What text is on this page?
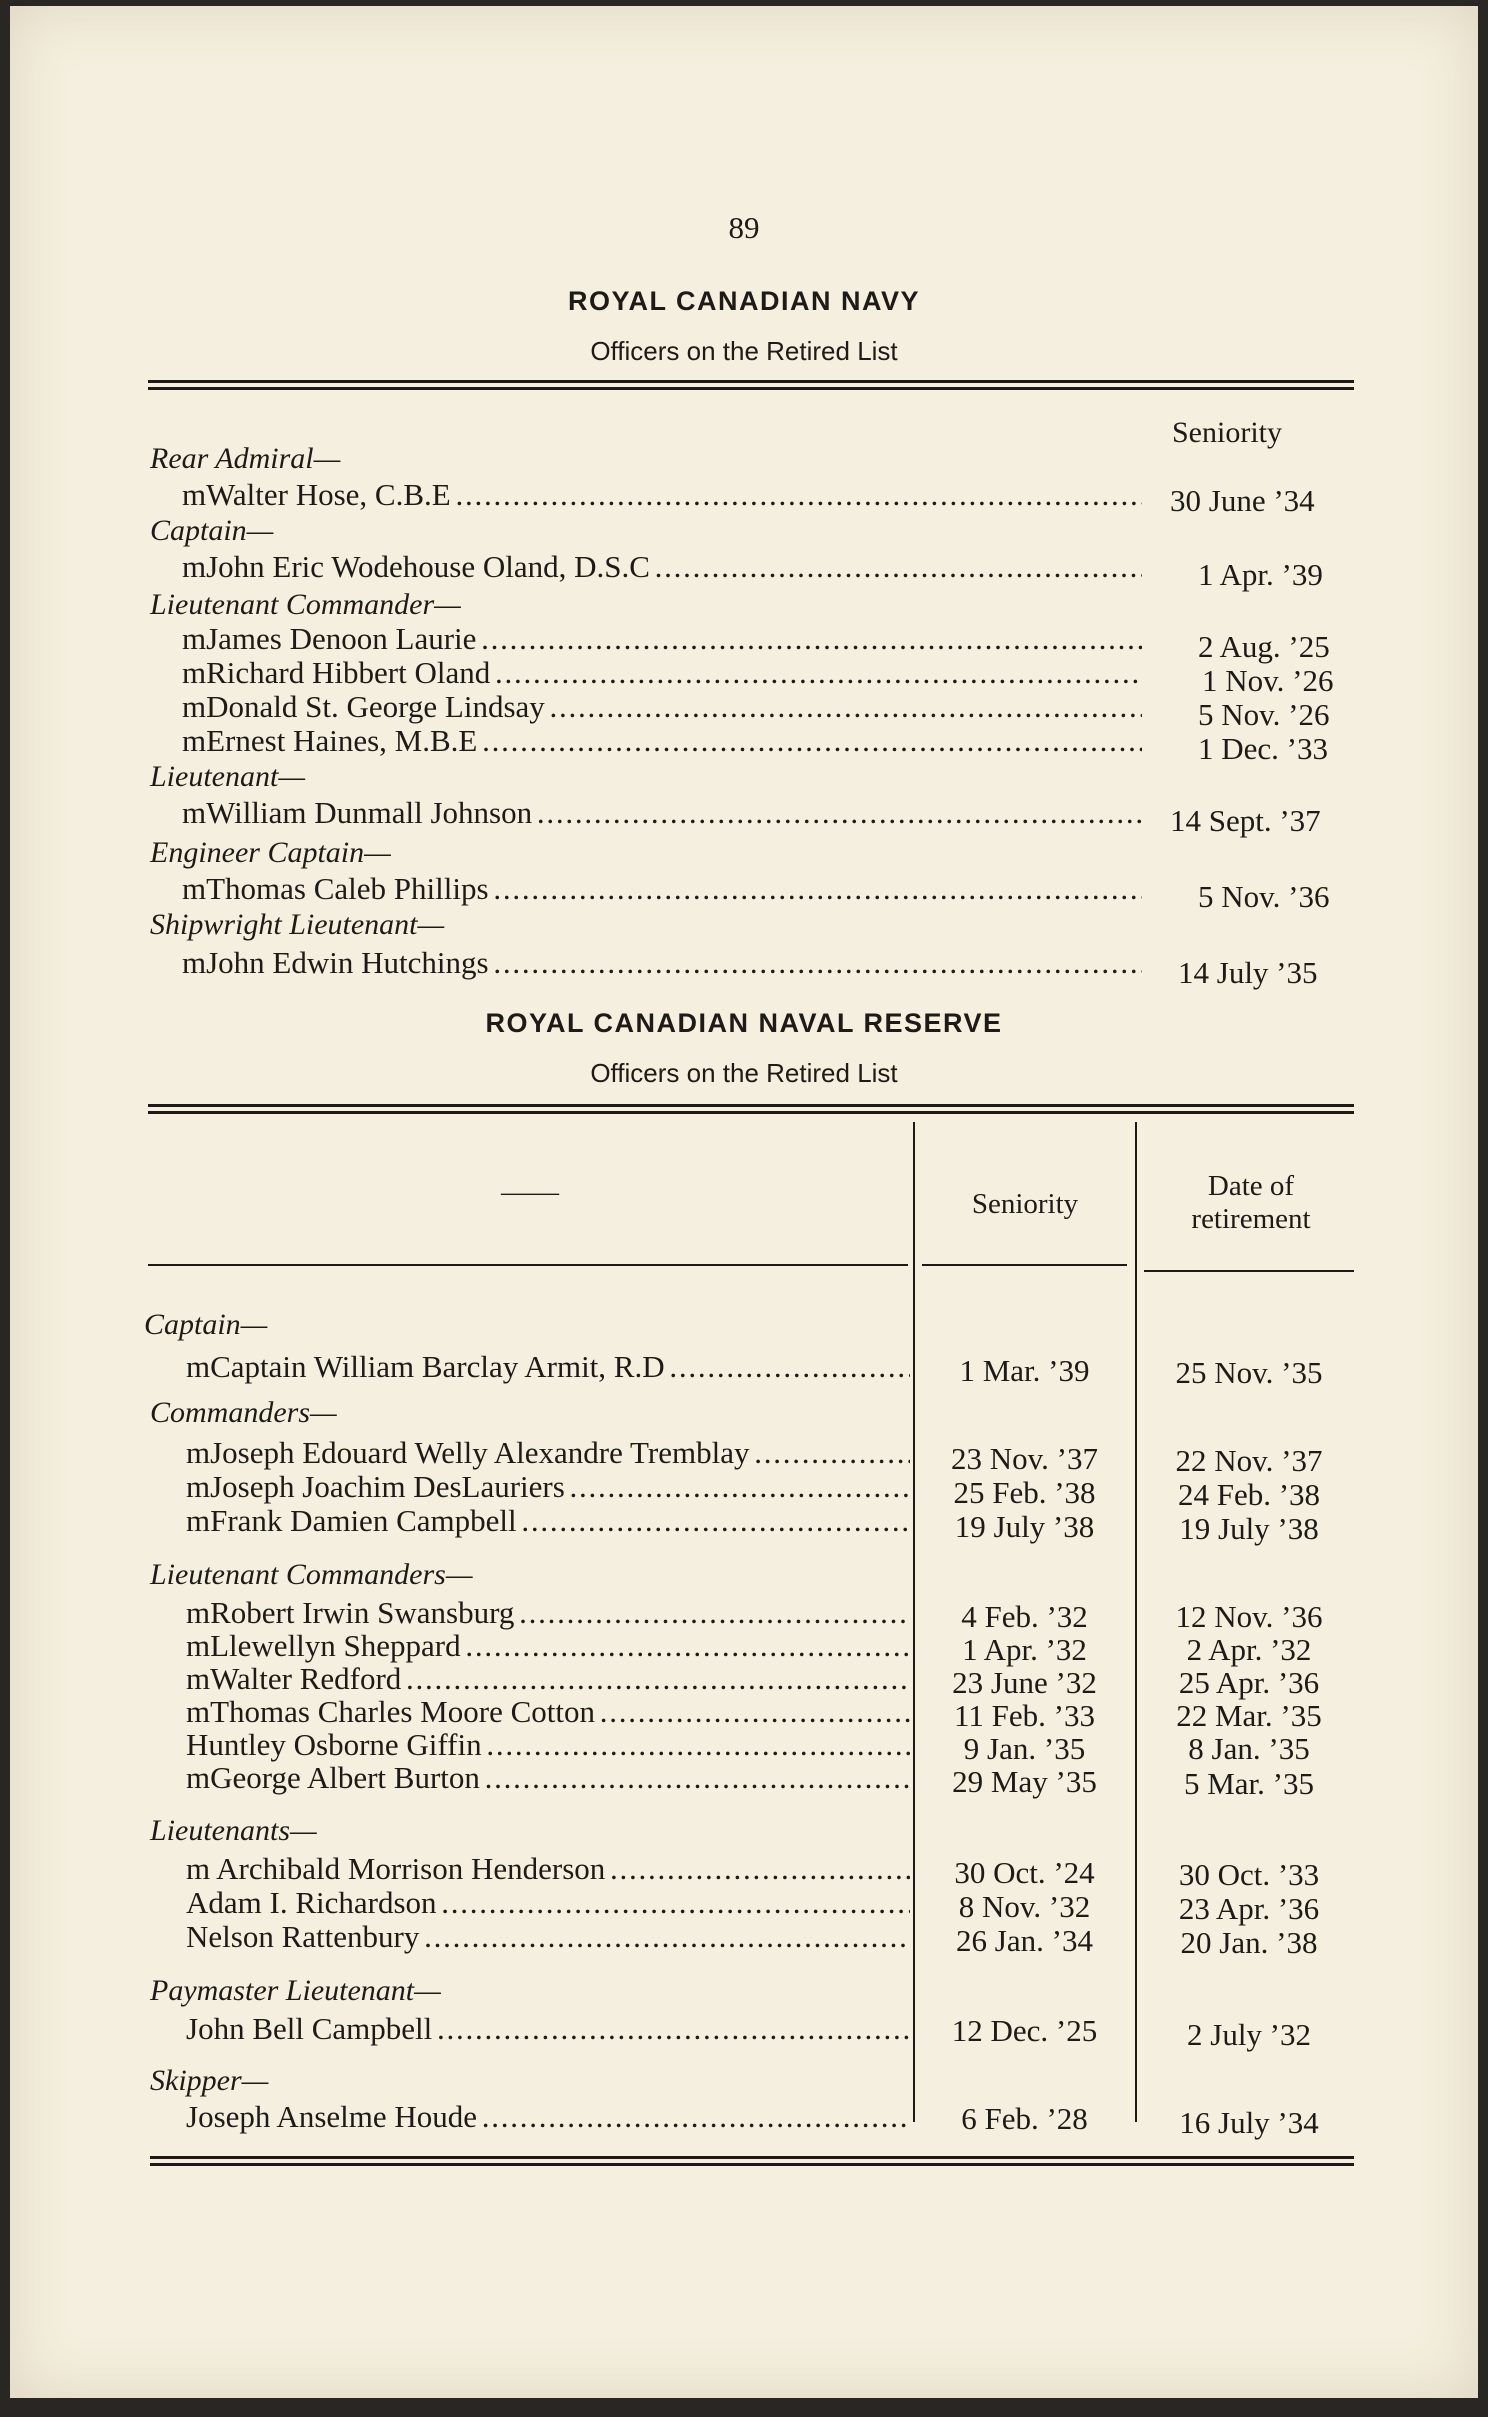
89
ROYAL CANADIAN NAVY
Officers on the Retired List
Seniority
Rear Admiral—
mWalter Hose, C.B.E . . .	30 June ’34
Captain—
mJohn Eric Wodehouse Oland, D.S.C . . .	1 Apr. ’39
Lieutenant Commander—
mJames Denoon Laurie . . .	2 Aug. ’25
mRichard Hibbert Oland . . .	1 Nov. ’26
mDonald St. George Lindsay . . .	5 Nov. ’26
mErnest Haines, M.B.E . . .	1 Dec. ’33
Lieutenant—
mWilliam Dunmall Johnson . . .	14 Sept. ’37
Engineer Captain—
mThomas Caleb Phillips . . .	5 Nov. ’36
Shipwright Lieutenant—
mJohn Edwin Hutchings . . .	14 July ’35
ROYAL CANADIAN NAVAL RESERVE
Officers on the Retired List
——	Seniority
Date of
retirement
Captain—
mCaptain William Barclay Armit, R.D . . .	1 Mar. ’39	25 Nov. ’35
Commanders—
mJoseph Edouard Welly Alexandre Tremblay . . .	23 Nov. ’37	22 Nov. ’37
mJoseph Joachim DesLauriers . . .	25 Feb. ’38	24 Feb. ’38
mFrank Damien Campbell . . .	19 July ’38	19 July ’38
Lieutenant Commanders—
mRobert Irwin Swansburg . . .	4 Feb. ’32	12 Nov. ’36
mLlewellyn Sheppard . . .	1 Apr. ’32	2 Apr. ’32
mWalter Redford . . .	23 June ’32	25 Apr. ’36
mThomas Charles Moore Cotton . . .	11 Feb. ’33	22 Mar. ’35
Huntley Osborne Giffin . . .	9 Jan. ’35	8 Jan. ’35
mGeorge Albert Burton . . .	29 May ’35	5 Mar. ’35
Lieutenants—
m Archibald Morrison Henderson . . .	30 Oct. ’24	30 Oct. ’33
Adam I. Richardson . . .	8 Nov. ’32	23 Apr. ’36
Nelson Rattenbury . . .	26 Jan. ’34	20 Jan. ’38
Paymaster Lieutenant—
John Bell Campbell . . .	12 Dec. ’25	2 July ’32
Skipper—
Joseph Anselme Houde . . .	6 Feb. ’28	16 July ’34
